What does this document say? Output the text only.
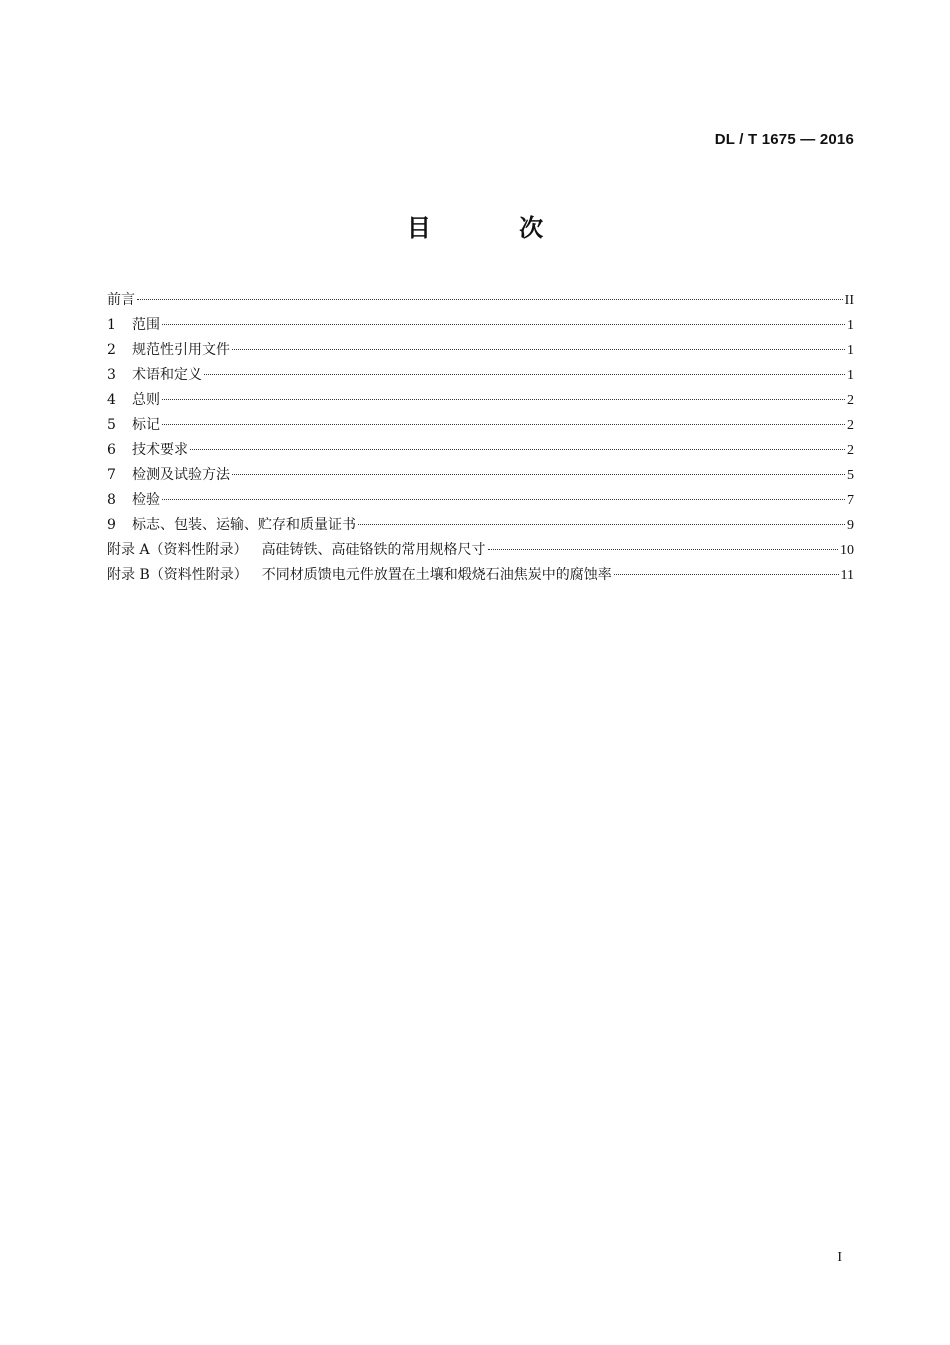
DL / T 1675 — 2016
目 次
前言	II
1	范围	1
2	规范性引用文件	1
3	术语和定义	1
4	总则	2
5	标记	2
6	技术要求	2
7	检测及试验方法	5
8	检验	7
9	标志、包装、运输、贮存和质量证书	9
附录 A（资料性附录） 高硅铸铁、高硅铬铁的常用规格尺寸	10
附录 B（资料性附录） 不同材质馈电元件放置在土壤和煅烧石油焦炭中的腐蚀率	11
I
